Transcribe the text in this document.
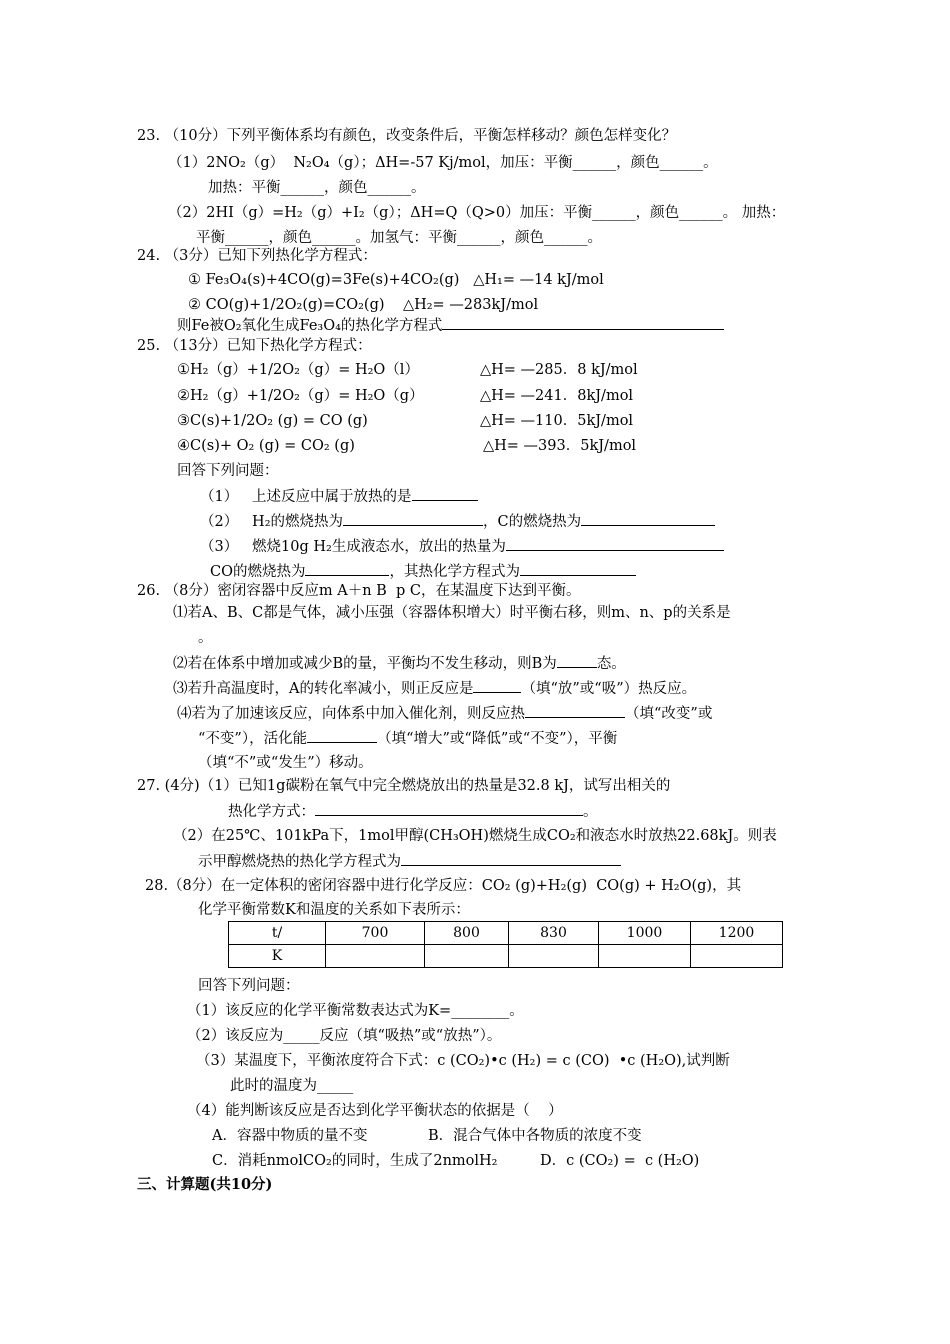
23. （10分）下列平衡体系均有颜色，改变条件后，平衡怎样移动？颜色怎样变化？
（1）2NO₂（g）  N₂O₄（g）；ΔH=-57 Kj/mol，加压：平衡______，颜色______。
加热：平衡______，颜色______。
（2）2HI（g）=H₂（g）+I₂（g）；ΔH=Q（Q>0）加压：平衡______，颜色______。 加热：
平衡______，颜色______。加氢气：平衡______，颜色______。
24. （3分）已知下列热化学方程式：
① Fe₃O₄(s)+4CO(g)=3Fe(s)+4CO₂(g)   △H₁= —14 kJ/mol
② CO(g)+1/2O₂(g)=CO₂(g)    △H₂= —283kJ/mol
则Fe被O₂氧化生成Fe₃O₄的热化学方程式
25. （13分）已知下热化学方程式：
①H₂（g）+1/2O₂（g）= H₂O（l）	△H= —285．8 kJ/mol
②H₂（g）+1/2O₂（g）= H₂O（g）	△H= —241．8kJ/mol
③C(s)+1/2O₂ (g) = CO (g)	△H= —110．5kJ/mol
④C(s)+ O₂ (g) = CO₂ (g)	△H= —393．5kJ/mol
回答下列问题：
（1）   上述反应中属于放热的是
（2）   H₂的燃烧热为	，C的燃烧热为
（3）   燃烧10g H₂生成液态水，放出的热量为
CO的燃烧热为	，其热化学方程式为
26. （8分）密闭容器中反应m A＋n B  p C，在某温度下达到平衡。
⑴若A、B、C都是气体，减小压强（容器体积增大）时平衡右移，则m、n、p的关系是
。
⑵若在体系中增加或减少B的量，平衡均不发生移动，则B为	态。
⑶若升高温度时，A的转化率减小，则正反应是	（填“放”或“吸”）热反应。
⑷若为了加速该反应，向体系中加入催化剂，则反应热	（填“改变”或
“不变”），活化能	（填“增大”或“降低”或“不变”），平衡
（填“不”或“发生”）移动。
27. (4分)（1）已知1g碳粉在氧气中完全燃烧放出的热量是32.8 kJ，试写出相关的
热化学方式：	。
（2）在25℃、101kPa下，1mol甲醇(CH₃OH)燃烧生成CO₂和液态水时放热22.68kJ。则表
示甲醇燃烧热的热化学方程式为
28.（8分）在一定体积的密闭容器中进行化学反应：CO₂ (g)+H₂(g)  CO(g) + H₂O(g)，其
化学平衡常数K和温度的关系如下表所示：
t/	700	800	830	1000	1200
K					
回答下列问题：
（1）该反应的化学平衡常数表达式为K=________。
（2）该反应为_____反应（填“吸热”或“放热”）。
（3）某温度下，平衡浓度符合下式：c (CO₂)•c (H₂) = c (CO)  •c (H₂O),试判断
此时的温度为_____
（4）能判断该反应是否达到化学平衡状态的依据是（    ）
A．容器中物质的量不变	B．混合气体中各物质的浓度不变
C．消耗nmolCO₂的同时，生成了2nmolH₂	D．c (CO₂) =  c (H₂O)
三、计算题(共10分)
